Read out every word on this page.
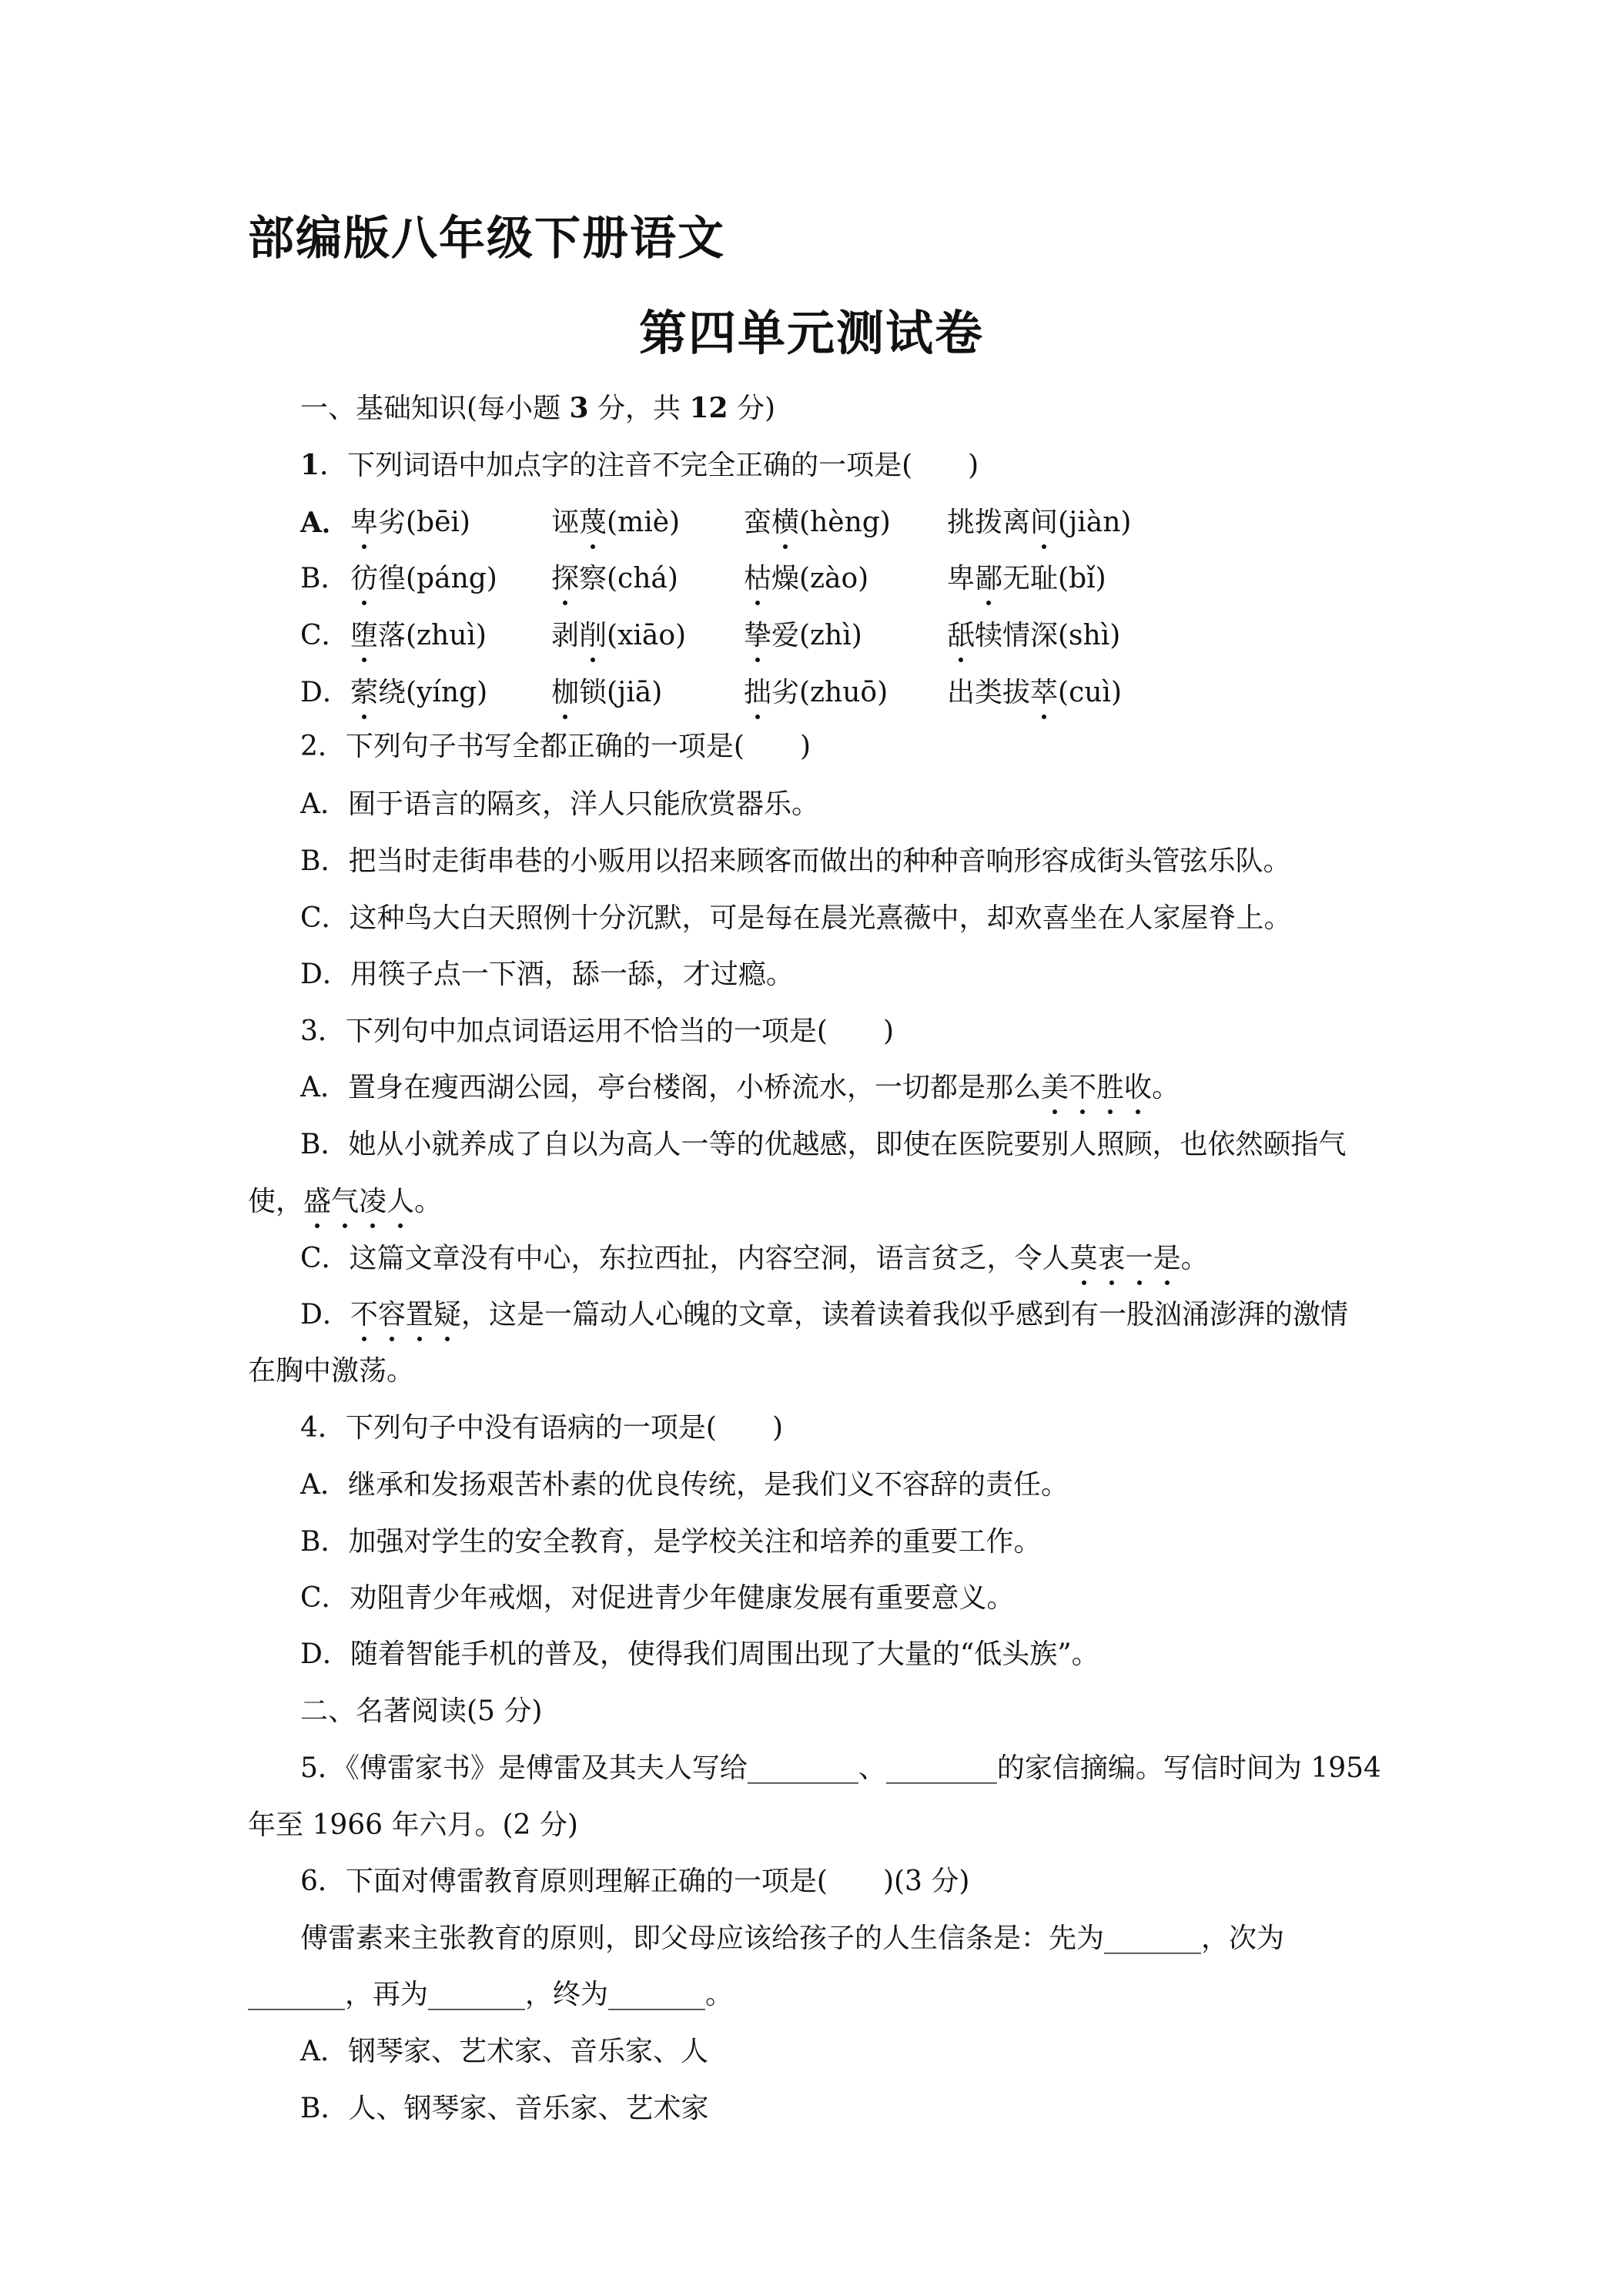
部编版八年级下册语文
第四单元测试卷
一、基础知识(每小题 3 分，共 12 分)
1．下列词语中加点字的注音不完全正确的一项是(　　)
A． 卑劣(bēi)	诬蔑(miè) 蛮横(hèng) 挑拨离间(jiàn)
B． 彷徨(páng) 探察(chá) 枯燥(zào)	卑鄙无耻(bǐ)
C． 堕落(zhuì) 剥削(xiāo) 挚爱(zhì)	舐犊情深(shì)
D． 萦绕(yíng) 枷锁(jiā)	拙劣(zhuō) 出类拔萃(cuì)
2．下列句子书写全都正确的一项是(　　)
A．囿于语言的隔亥，洋人只能欣赏器乐。
B．把当时走街串巷的小贩用以招来顾客而做出的种种音响形容成街头管弦乐队。
C．这种鸟大白天照例十分沉默，可是每在晨光熹薇中，却欢喜坐在人家屋脊上。
D．用筷子点一下酒，舔一舔，才过瘾。
3．下列句中加点词语运用不恰当的一项是(　　)
A．置身在瘦西湖公园，亭台楼阁，小桥流水，一切都是那么美不胜收。
B．她从小就养成了自以为高人一等的优越感，即使在医院要别人照顾，也依然颐指气
使，盛气凌人。
C．这篇文章没有中心，东拉西扯，内容空洞，语言贫乏，令人莫衷一是。
D．不容置疑，这是一篇动人心魄的文章，读着读着我似乎感到有一股汹涌澎湃的激情
在胸中激荡。
4．下列句子中没有语病的一项是(　　)
A．继承和发扬艰苦朴素的优良传统，是我们义不容辞的责任。
B．加强对学生的安全教育，是学校关注和培养的重要工作。
C．劝阻青少年戒烟，对促进青少年健康发展有重要意义。
D．随着智能手机的普及，使得我们周围出现了大量的“低头族”。
二、名著阅读(5 分)
5．《傅雷家书》是傅雷及其夫人写给________、________的家信摘编。写信时间为 1954
年至 1966 年六月。(2 分)
6．下面对傅雷教育原则理解正确的一项是(　　)(3 分)
傅雷素来主张教育的原则，即父母应该给孩子的人生信条是：先为_______，次为
_______，再为_______，终为_______。
A．钢琴家、艺术家、音乐家、人
B．人、钢琴家、音乐家、艺术家
